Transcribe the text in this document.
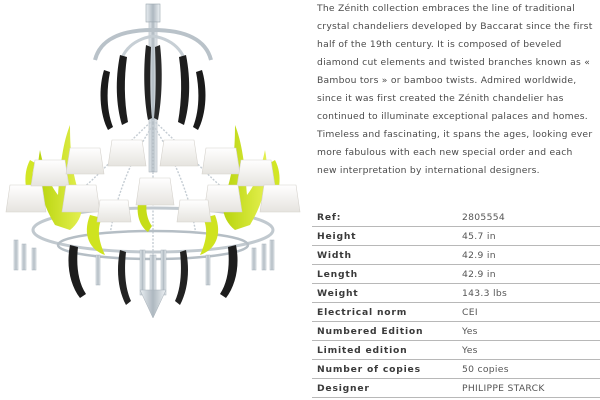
The Zénith collection embraces the line of traditional crystal chandeliers developed by Baccarat since the first half of the 19th century. It is composed of beveled diamond cut elements and twisted branches known as « Bambou tors » or bamboo twists. Admired worldwide, since it was first created the Zénith chandelier has continued to illuminate exceptional palaces and homes. Timeless and fascinating, it spans the ages, looking ever more fabulous with each new special order and each new interpretation by international designers.

Ref:	2805554
Height	45.7 in
Width	42.9 in
Length	42.9 in
Weight	143.3 lbs
Electrical norm	CEI
Numbered Edition	Yes
Limited edition	Yes
Number of copies	50 copies
Designer	PHILIPPE STARCK
